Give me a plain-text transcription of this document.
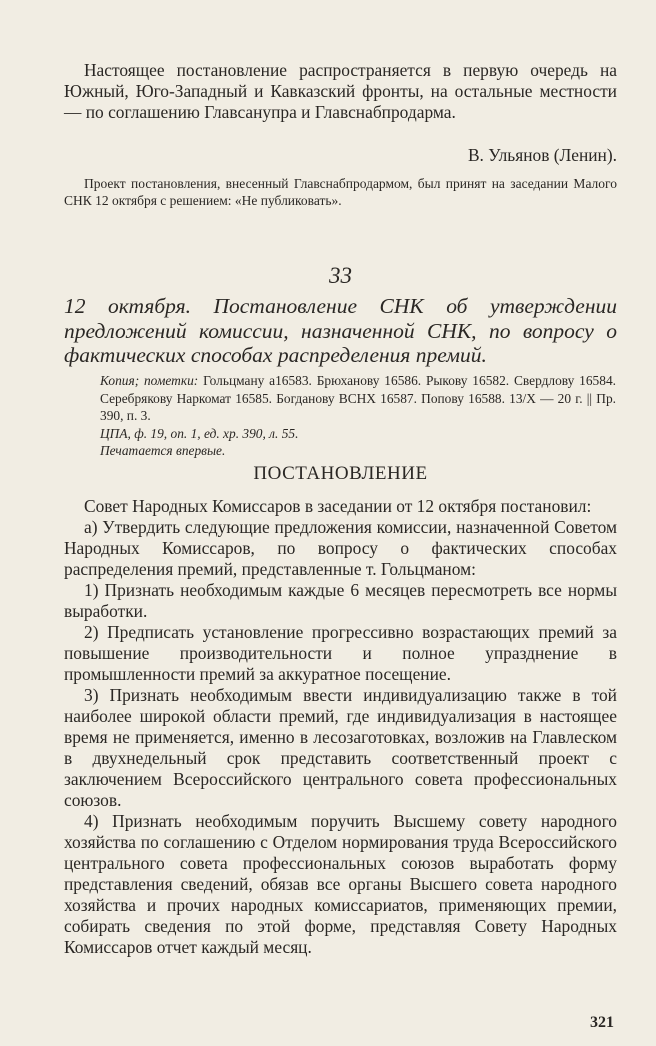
Настоящее постановление распространяется в первую очередь на Южный, Юго-Западный и Кавказский фронты, на остальные местности — по соглашению Главсанупра и Главснабпродарма.

В. Ульянов (Ленин).

Проект постановления, внесенный Главснабпродармом, был принят на заседании Малого СНК 12 октября с решением: «Не публиковать».

33

12 октября. Постановление СНК об утверждении предложений комиссии, назначенной СНК, по вопросу о фактических способах распределения премий.

Копия; пометки: Гольцману а16583. Брюханову 16586. Рыкову 16582. Свердлову 16584. Серебрякову Наркомат 16585. Богданову ВСНХ 16587. Попову 16588. 13/X — 20 г. || Пр. 390, п. 3.

ЦПА, ф. 19, оп. 1, ед. хр. 390, л. 55.

Печатается впервые.

ПОСТАНОВЛЕНИЕ

Совет Народных Комиссаров в заседании от 12 октября постановил:

а) Утвердить следующие предложения комиссии, назначенной Советом Народных Комиссаров, по вопросу о фактических способах распределения премий, представленные т. Гольцманом:

1) Признать необходимым каждые 6 месяцев пересмотреть все нормы выработки.

2) Предписать установление прогрессивно возрастающих премий за повышение производительности и полное упразднение в промышленности премий за аккуратное посещение.

3) Признать необходимым ввести индивидуализацию также в той наиболее широкой области премий, где индивидуализация в настоящее время не применяется, именно в лесозаготовках, возложив на Главлеском в двухнедельный срок представить соответственный проект с заключением Всероссийского центрального совета профессиональных союзов.

4) Признать необходимым поручить Высшему совету народного хозяйства по соглашению с Отделом нормирования труда Всероссийского центрального совета профессиональных союзов выработать форму представления сведений, обязав все органы Высшего совета народного хозяйства и прочих народных комиссариатов, применяющих премии, собирать сведения по этой форме, представляя Совету Народных Комиссаров отчет каждый месяц.

321
